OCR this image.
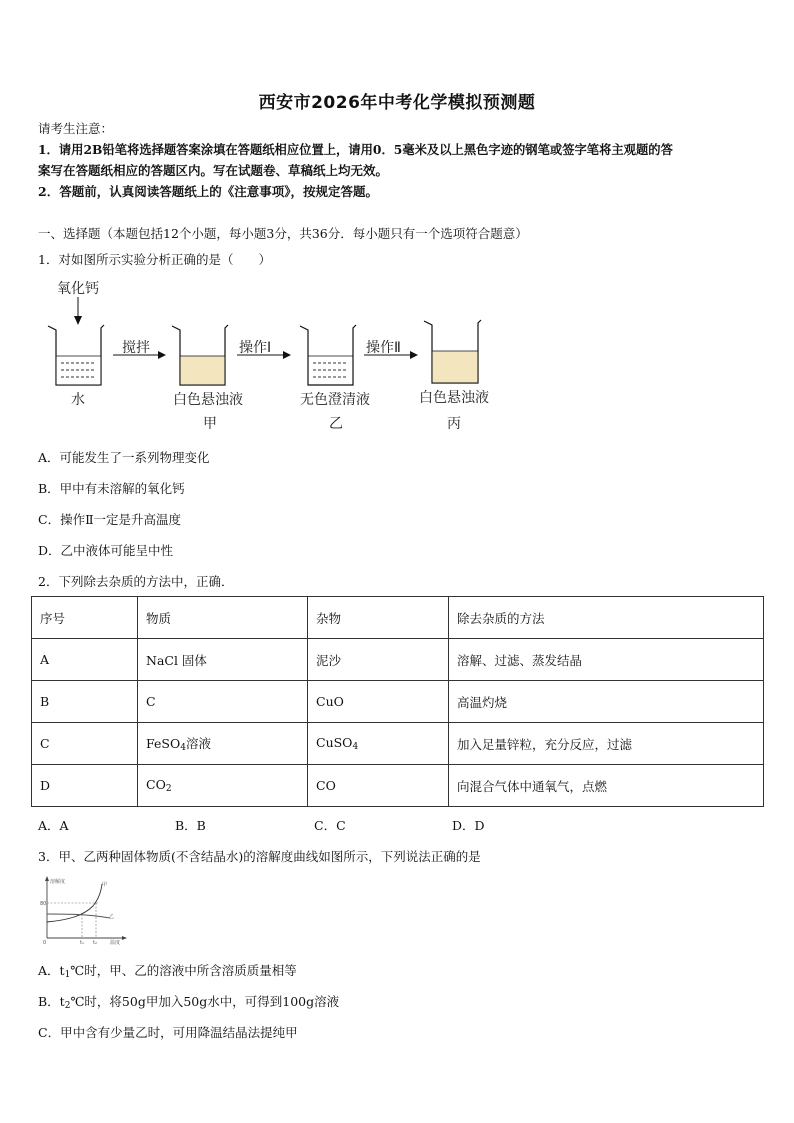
西安市2026年中考化学模拟预测题
请考生注意：
1．请用2B铅笔将选择题答案涂填在答题纸相应位置上，请用0．5毫米及以上黑色字迹的钢笔或签字笔将主观题的答
案写在答题纸相应的答题区内。写在试题卷、草稿纸上均无效。
2．答题前，认真阅读答题纸上的《注意事项》，按规定答题。
一、选择题（本题包括12个小题，每小题3分，共36分．每小题只有一个选项符合题意）
1．对如图所示实验分析正确的是（　　）
氧化钙
搅拌	操作Ⅰ	操作Ⅱ
水	白色悬浊液
甲
无色澄清液
乙
白色悬浊液
丙
A．可能发生了一系列物理变化
B．甲中有未溶解的氧化钙
C．操作Ⅱ一定是升高温度
D．乙中液体可能呈中性
2．下列除去杂质的方法中，正确．
序号	物质	杂物	除去杂质的方法
A	NaCl 固体	泥沙	溶解、过滤、蒸发结晶
B	C	CuO	高温灼烧
C	FeSO$_4$溶液	CuSO$_4$	加入足量锌粒，充分反应，过滤
D	$CO_2$	CO	向混合气体中通氧气，点燃
A．A	B．B	C．C	D．D
3．甲、乙两种固体物质(不含结晶水)的溶解度曲线如图所示，下列说法正确的是
溶解度
80
0	温度
t₁ t₂
甲
乙
A．$t_1℃$时，甲、乙的溶液中所含溶质质量相等
B．$t_2℃$时，将50g甲加入50g水中，可得到100g溶液
C．甲中含有少量乙时，可用降温结晶法提纯甲
